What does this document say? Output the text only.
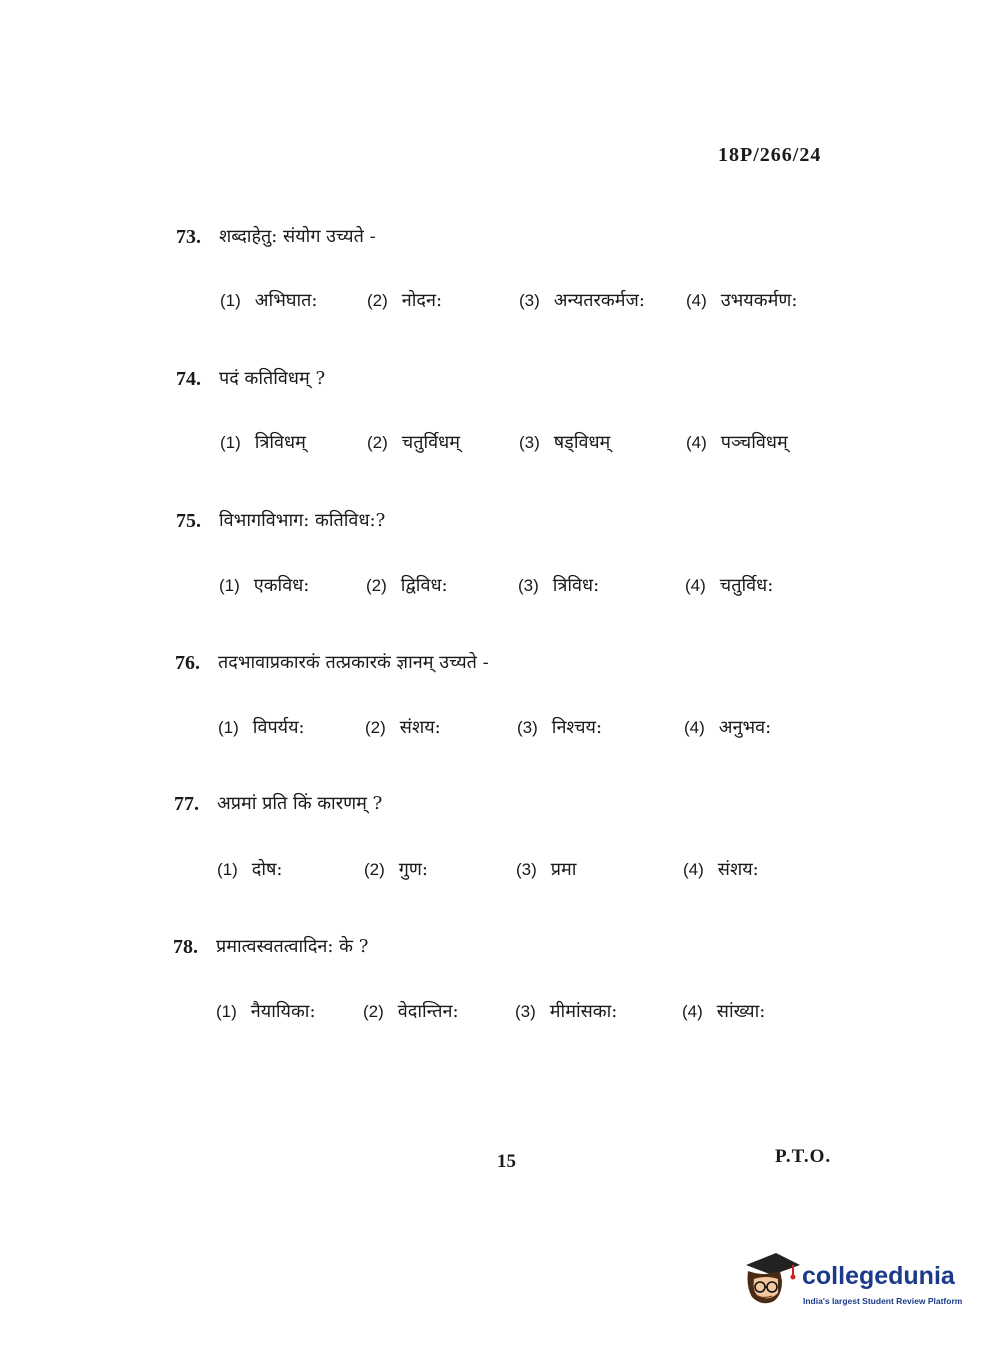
18P/266/24
73. शब्दाहेतु: संयोग उच्यते -
(1) अभिघात:	(2) नोदन:	(3) अन्यतरकर्मज: (4) उभयकर्मण:
74. पदं कतिविधम् ?
(1) त्रिविधम्	(2) चतुर्विधम्	(3) षड्विधम्	(4) पञ्चविधम्
75. विभागविभाग: कतिविध:?
(1) एकविध:	(2) द्विविध:	(3) त्रिविध:	(4) चतुर्विध:
76. तदभावाप्रकारकं तत्प्रकारकं ज्ञानम् उच्यते -
(1) विपर्यय:	(2) संशय:	(3) निश्चय:	(4) अनुभव:
77. अप्रमां प्रति किं कारणम् ?
(1) दोष:	(2) गुण:	(3) प्रमा	(4) संशय:
78. प्रमात्वस्वतत्वादिन: के ?
(1) नैयायिका:	(2) वेदान्तिन:	(3) मीमांसका:	(4) सांख्या:
15	P.T.O.
collegedunia
India's largest Student Review Platform
